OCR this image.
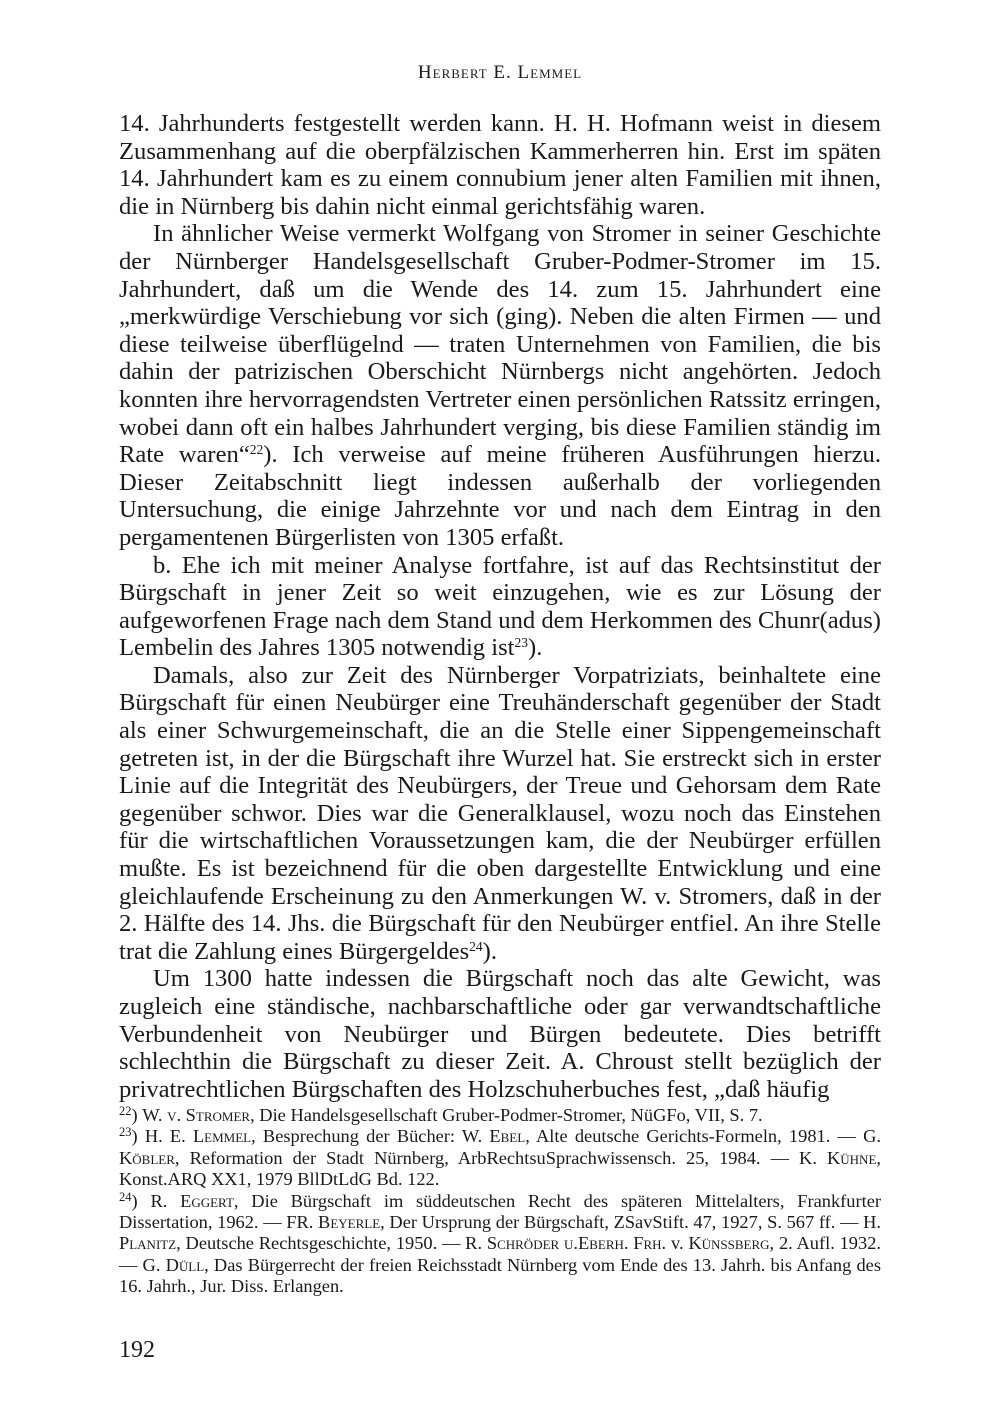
Herbert E. Lemmel

14. Jahrhunderts festgestellt werden kann. H. H. Hofmann weist in diesem Zusammenhang auf die oberpfälzischen Kammerherren hin. Erst im späten 14. Jahrhundert kam es zu einem connubium jener alten Familien mit ihnen, die in Nürnberg bis dahin nicht einmal gerichtsfähig waren.

In ähnlicher Weise vermerkt Wolfgang von Stromer in seiner Geschichte der Nürnberger Handelsgesellschaft Gruber-Podmer-Stromer im 15. Jahrhundert, daß um die Wende des 14. zum 15. Jahrhundert eine „merkwürdige Verschiebung vor sich (ging). Neben die alten Firmen — und diese teilweise überflügelnd — traten Unternehmen von Familien, die bis dahin der patrizischen Oberschicht Nürnbergs nicht angehörten. Jedoch konnten ihre hervorragendsten Vertreter einen persönlichen Ratssitz erringen, wobei dann oft ein halbes Jahrhundert verging, bis diese Familien ständig im Rate waren“$^{22}$). Ich verweise auf meine früheren Ausführungen hierzu. Dieser Zeitabschnitt liegt indessen außerhalb der vorliegenden Untersuchung, die einige Jahrzehnte vor und nach dem Eintrag in den pergamentenen Bürgerlisten von 1305 erfaßt.

b. Ehe ich mit meiner Analyse fortfahre, ist auf das Rechtsinstitut der Bürgschaft in jener Zeit so weit einzugehen, wie es zur Lösung der aufgeworfenen Frage nach dem Stand und dem Herkommen des Chunr(adus) Lembelin des Jahres 1305 notwendig ist$^{23}$).

Damals, also zur Zeit des Nürnberger Vorpatriziats, beinhaltete eine Bürgschaft für einen Neubürger eine Treuhänderschaft gegenüber der Stadt als einer Schwurgemeinschaft, die an die Stelle einer Sippengemeinschaft getreten ist, in der die Bürgschaft ihre Wurzel hat. Sie erstreckt sich in erster Linie auf die Integrität des Neubürgers, der Treue und Gehorsam dem Rate gegenüber schwor. Dies war die Generalklausel, wozu noch das Einstehen für die wirtschaftlichen Voraussetzungen kam, die der Neubürger erfüllen mußte. Es ist bezeichnend für die oben dargestellte Entwicklung und eine gleichlaufende Erscheinung zu den Anmerkungen W. v. Stromers, daß in der 2. Hälfte des 14. Jhs. die Bürgschaft für den Neubürger entfiel. An ihre Stelle trat die Zahlung eines Bürgergeldes$^{24}$).

Um 1300 hatte indessen die Bürgschaft noch das alte Gewicht, was zugleich eine ständische, nachbarschaftliche oder gar verwandtschaftliche Verbundenheit von Neubürger und Bürgen bedeutete. Dies betrifft schlechthin die Bürgschaft zu dieser Zeit. A. Chroust stellt bezüglich der privatrechtlichen Bürgschaften des Holzschuherbuches fest, „daß häufig

$^{22}$) W. v. Stromer, Die Handelsgesellschaft Gruber-Podmer-Stromer, NüGFo, VII, S. 7.

$^{23}$) H. E. Lemmel, Besprechung der Bücher: W. Ebel, Alte deutsche Gerichts-Formeln, 1981. — G. Köbler, Reformation der Stadt Nürnberg, ArbRechtsuSprachwissensch. 25, 1984. — K. Kühne, Konst.ARQ XX1, 1979 BllDtLdG Bd. 122.

$^{24}$) R. Eggert, Die Bürgschaft im süddeutschen Recht des späteren Mittelalters, Frankfurter Dissertation, 1962. — FR. Beyerle, Der Ursprung der Bürgschaft, ZSavStift. 47, 1927, S. 567 ff. — H. Planitz, Deutsche Rechtsgeschichte, 1950. — R. Schröder u.Eberh. Frh. v. Künssberg, 2. Aufl. 1932. — G. Düll, Das Bürgerrecht der freien Reichsstadt Nürnberg vom Ende des 13. Jahrh. bis Anfang des 16. Jahrh., Jur. Diss. Erlangen.

192
